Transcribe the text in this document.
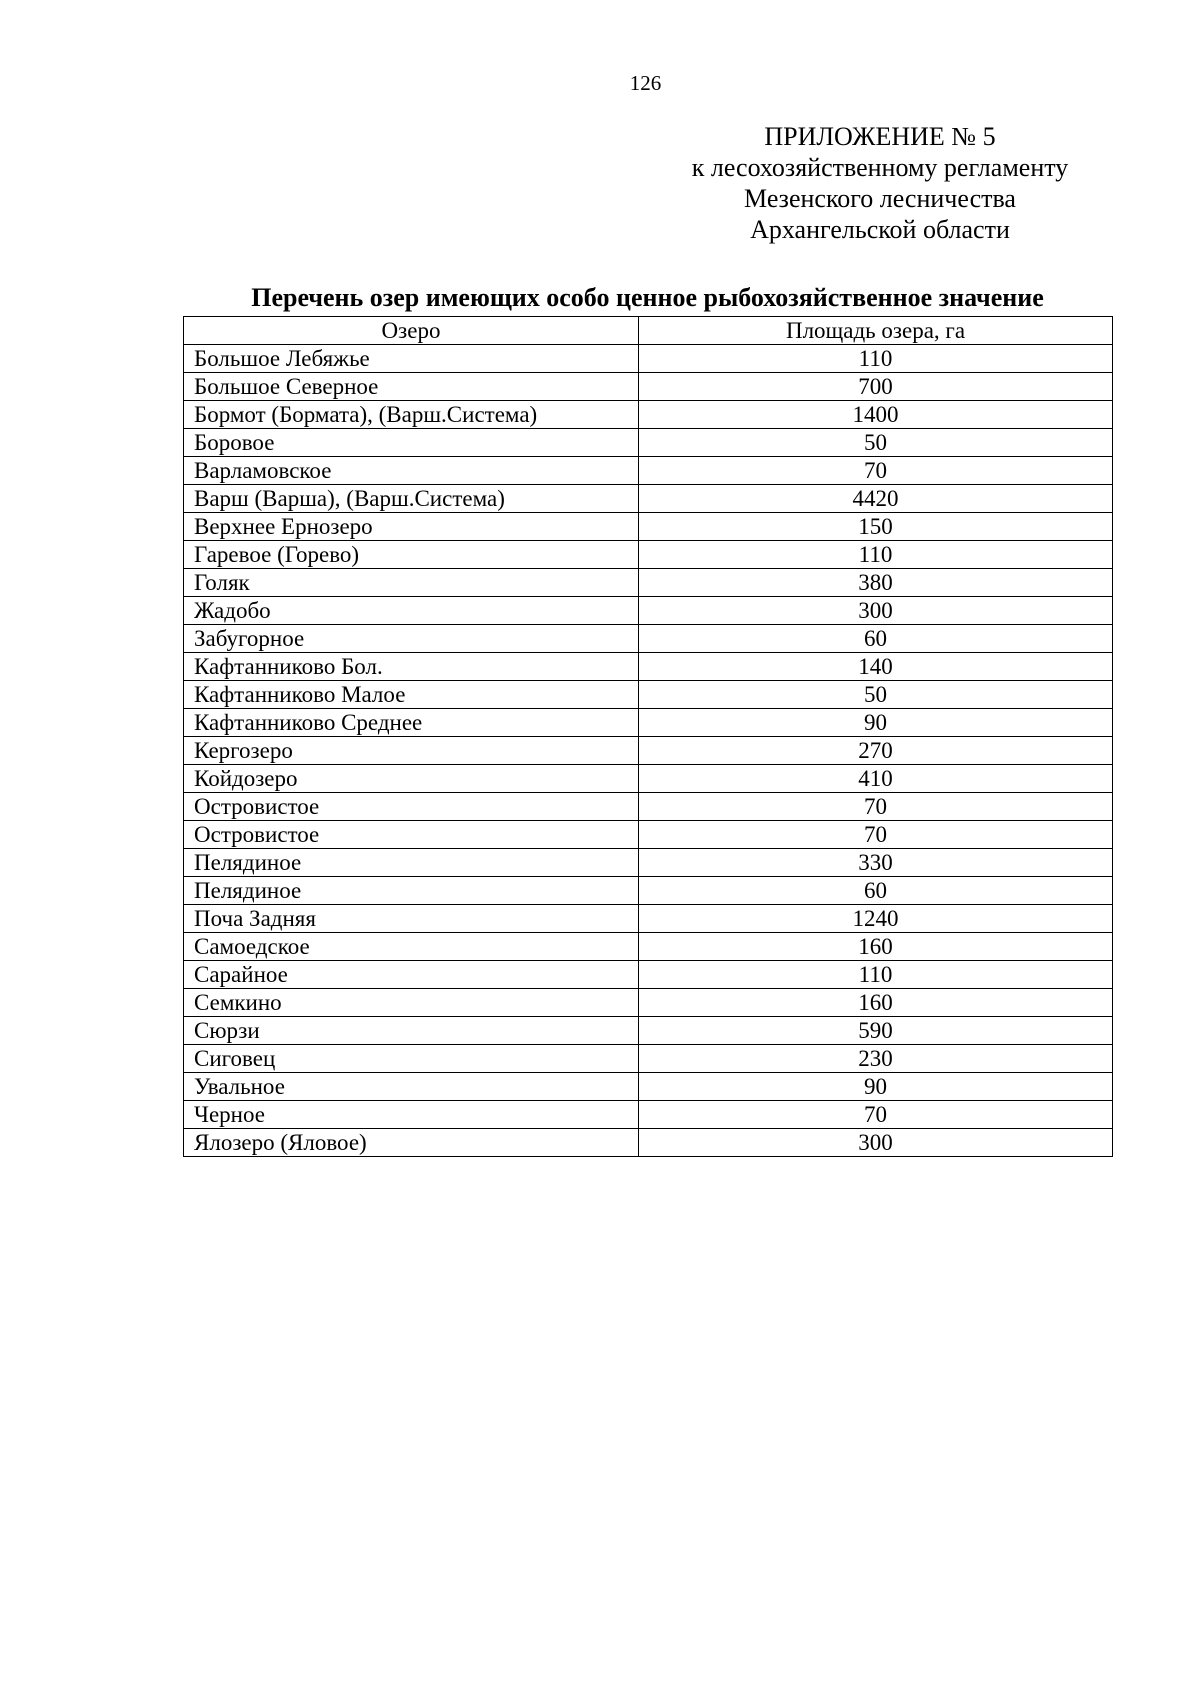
126
ПРИЛОЖЕНИЕ № 5
к лесохозяйственному регламенту
Мезенского лесничества
Архангельской области
Перечень озер имеющих особо ценное рыбохозяйственное значение
Озеро	Площадь озера, га
Большое Лебяжье	110
Большое Северное	700
Бормот (Бормата), (Варш.Система)	1400
Боровое	50
Варламовское	70
Варш (Варша), (Варш.Система)	4420
Верхнее Ернозеро	150
Гаревое (Горево)	110
Голяк	380
Жадобо	300
Забугорное	60
Кафтанниково Бол.	140
Кафтанниково Малое	50
Кафтанниково Среднее	90
Кергозеро	270
Койдозеро	410
Островистое	70
Островистое	70
Пелядиное	330
Пелядиное	60
Поча Задняя	1240
Самоедское	160
Сарайное	110
Семкино	160
Сюрзи	590
Сиговец	230
Увальное	90
Черное	70
Ялозеро (Яловое)	300
